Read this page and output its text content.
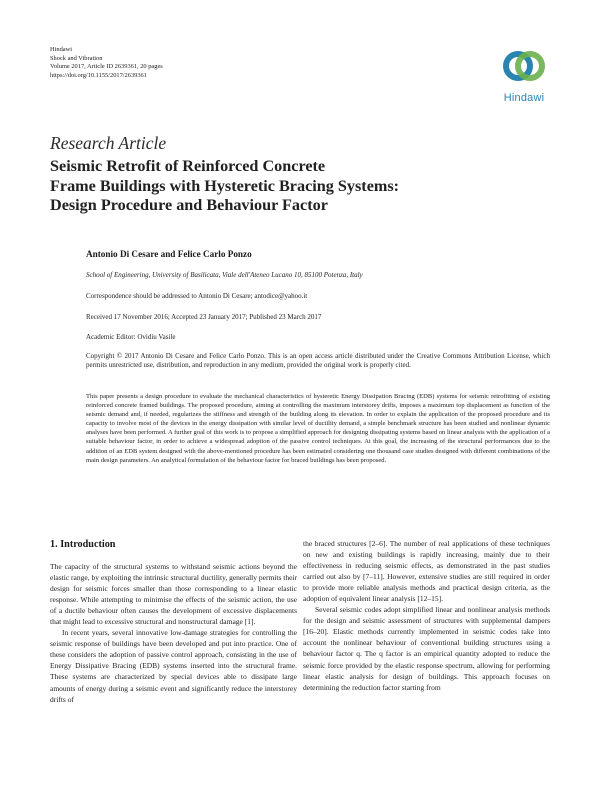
Hindawi
Shock and Vibration
Volume 2017, Article ID 2639361, 20 pages
https://doi.org/10.1155/2017/2639361
Hindawi
Research Article
Seismic Retrofit of Reinforced Concrete
Frame Buildings with Hysteretic Bracing Systems:
Design Procedure and Behaviour Factor
Antonio Di Cesare and Felice Carlo Ponzo
School of Engineering, University of Basilicata, Viale dell'Ateneo Lucano 10, 85100 Potenza, Italy
Correspondence should be addressed to Antonio Di Cesare; antodice@yahoo.it
Received 17 November 2016; Accepted 23 January 2017; Published 23 March 2017
Academic Editor: Ovidiu Vasile
Copyright © 2017 Antonio Di Cesare and Felice Carlo Ponzo. This is an open access article distributed under the Creative Commons Attribution License, which permits unrestricted use, distribution, and reproduction in any medium, provided the original work is properly cited.
This paper presents a design procedure to evaluate the mechanical characteristics of hysteretic Energy Dissipation Bracing (EDB) systems for seismic retrofitting of existing reinforced concrete framed buildings. The proposed procedure, aiming at controlling the maximum interstorey drifts, imposes a maximum top displacement as function of the seismic demand and, if needed, regularizes the stiffness and strength of the building along its elevation. In order to explain the application of the proposed procedure and its capacity to involve most of the devices in the energy dissipation with similar level of ductility demand, a simple benchmark structure has been studied and nonlinear dynamic analyses have been performed. A further goal of this work is to propose a simplified approach for designing dissipating systems based on linear analysis with the application of a suitable behaviour factor, in order to achieve a widespread adoption of the passive control techniques. At this goal, the increasing of the structural performances due to the addition of an EDB system designed with the above-mentioned procedure has been estimated considering one thousand case studies designed with different combinations of the main design parameters. An analytical formulation of the behaviour factor for braced buildings has been proposed.
1. Introduction

The capacity of the structural systems to withstand seismic actions beyond the elastic range, by exploiting the intrinsic structural ductility, generally permits their design for seismic forces smaller than those corresponding to a linear elastic response. While attempting to minimise the effects of the seismic action, the use of a ductile behaviour often causes the development of excessive displacements that might lead to excessive structural and nonstructural damage [1].

In recent years, several innovative low-damage strategies for controlling the seismic response of buildings have been developed and put into practice. One of these considers the adoption of passive control approach, consisting in the use of Energy Dissipative Bracing (EDB) systems inserted into the structural frame. These systems are characterized by special devices able to dissipate large amounts of energy during a seismic event and significantly reduce the interstorey drifts of

the braced structures [2–6]. The number of real applications of these techniques on new and existing buildings is rapidly increasing, mainly due to their effectiveness in reducing seismic effects, as demonstrated in the past studies carried out also by [7–11]. However, extensive studies are still required in order to provide more reliable analysis methods and practical design criteria, as the adoption of equivalent linear analysis [12–15].

Several seismic codes adopt simplified linear and nonlinear analysis methods for the design and seismic assessment of structures with supplemental dampers [16–20]. Elastic methods currently implemented in seismic codes take into account the nonlinear behaviour of conventional building structures using a behaviour factor q. The q factor is an empirical quantity adopted to reduce the seismic force provided by the elastic response spectrum, allowing for performing linear elastic analysis for design of buildings. This approach focuses on determining the reduction factor starting from
